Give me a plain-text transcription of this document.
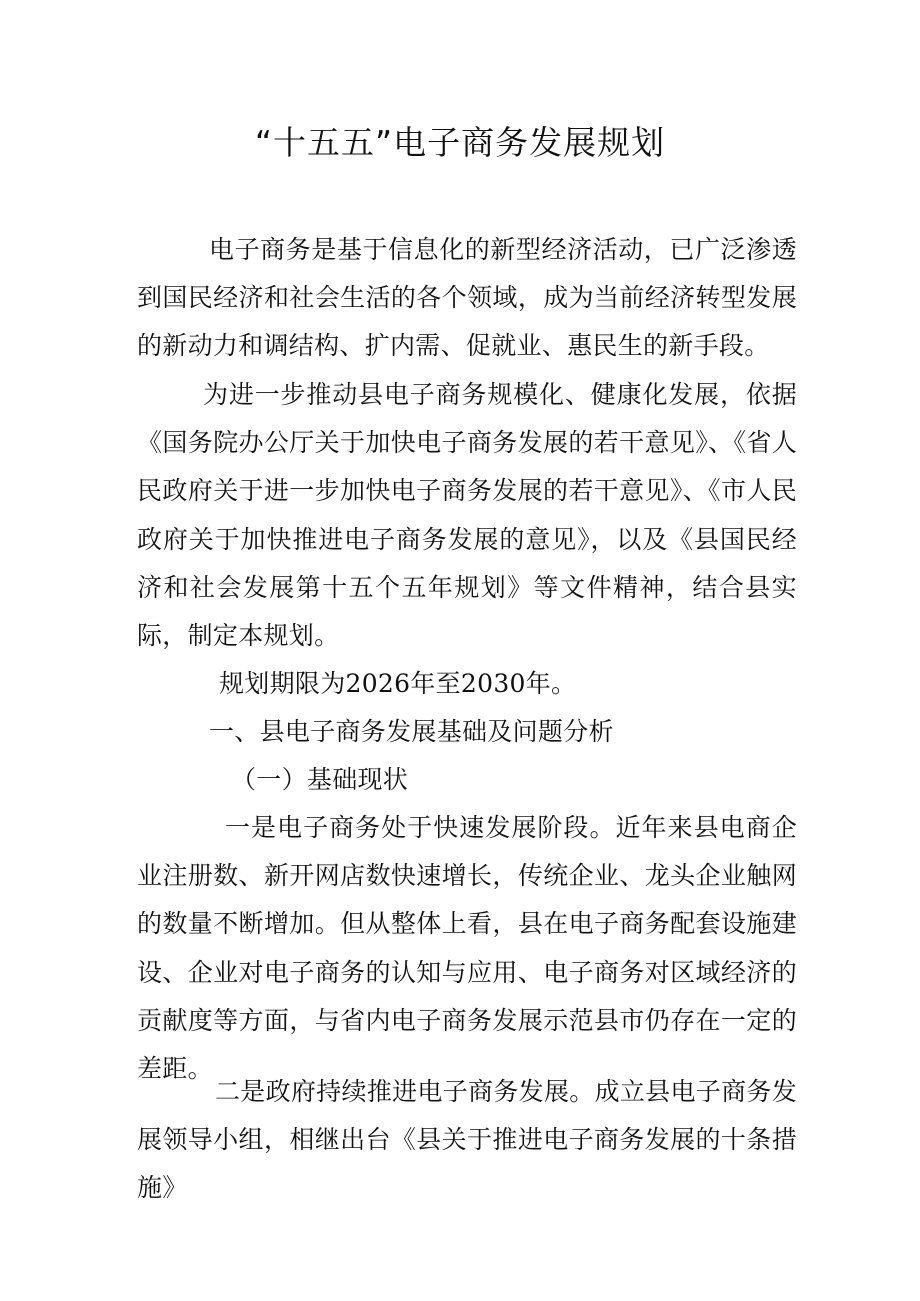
“十五五”电子商务发展规划

电子商务是基于信息化的新型经济活动，已广泛渗透到国民经济和社会生活的各个领域，成为当前经济转型发展的新动力和调结构、扩内需、促就业、惠民生的新手段。

为进一步推动县电子商务规模化、健康化发展，依据《国务院办公厅关于加快电子商务发展的若干意见》、《省人民政府关于进一步加快电子商务发展的若干意见》、《市人民政府关于加快推进电子商务发展的意见》，以及《县国民经济和社会发展第十五个五年规划》等文件精神，结合县实际，制定本规划。

规划期限为2026年至2030年。

一、县电子商务发展基础及问题分析

（一）基础现状

一是电子商务处于快速发展阶段。近年来县电商企业注册数、新开网店数快速增长，传统企业、龙头企业触网的数量不断增加。但从整体上看，县在电子商务配套设施建设、企业对电子商务的认知与应用、电子商务对区域经济的贡献度等方面，与省内电子商务发展示范县市仍存在一定的差距。

二是政府持续推进电子商务发展。成立县电子商务发展领导小组，相继出台《县关于推进电子商务发展的十条措施》
